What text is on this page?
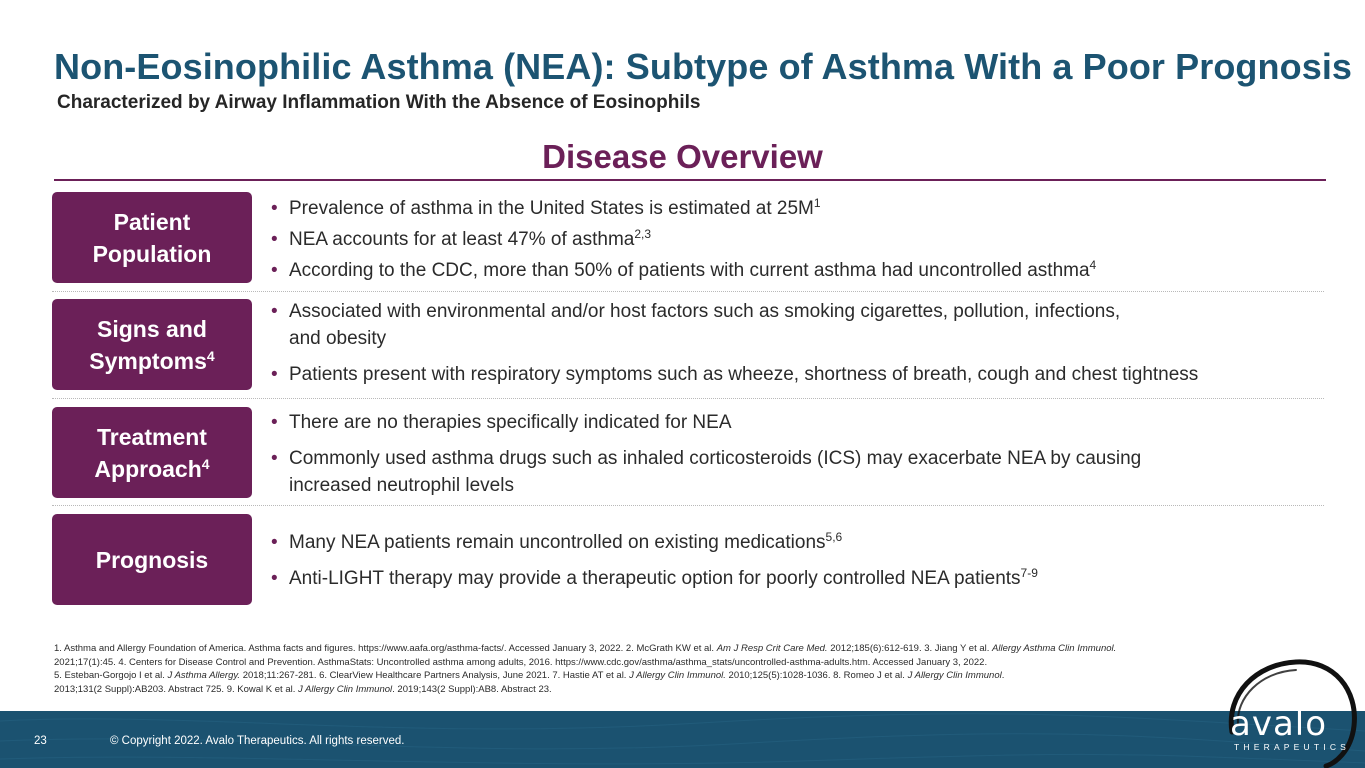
Non-Eosinophilic Asthma (NEA): Subtype of Asthma With a Poor Prognosis
Characterized by Airway Inflammation With the Absence of Eosinophils
Disease Overview
Patient
Population
• Prevalence of asthma in the United States is estimated at $25M^1$
• NEA accounts for at least 47% of asthma$^{2,3}$
• According to the CDC, more than 50% of patients with current asthma had uncontrolled asthma$^4$
Signs and
Symptoms$^4$
• Associated with environmental and/or host factors such as smoking cigarettes, pollution, infections,
and obesity
• Patients present with respiratory symptoms such as wheeze, shortness of breath, cough and chest tightness
Treatment
Approach$^4$
• There are no therapies specifically indicated for NEA
• Commonly used asthma drugs such as inhaled corticosteroids (ICS) may exacerbate NEA by causing
increased neutrophil levels
Prognosis
• Many NEA patients remain uncontrolled on existing medications$^{5,6}$
• Anti-LIGHT therapy may provide a therapeutic option for poorly controlled NEA patients$^{7-9}$
1. Asthma and Allergy Foundation of America. Asthma facts and figures. https://www.aafa.org/asthma-facts/. Accessed January 3, 2022. 2. McGrath KW et al. Am J Resp Crit Care Med. 2012;185(6):612-619. 3. Jiang Y et al. Allergy Asthma Clin Immunol.
2021;17(1):45. 4. Centers for Disease Control and Prevention. AsthmaStats: Uncontrolled asthma among adults, 2016. https://www.cdc.gov/asthma/asthma_stats/uncontrolled-asthma-adults.htm. Accessed January 3, 2022.
5. Esteban-Gorgojo I et al. J Asthma Allergy. 2018;11:267-281. 6. ClearView Healthcare Partners Analysis, June 2021. 7. Hastie AT et al. J Allergy Clin Immunol. 2010;125(5):1028-1036. 8. Romeo J et al. J Allergy Clin Immunol.
2013;131(2 Suppl):AB203. Abstract 725. 9. Kowal K et al. J Allergy Clin Immunol. 2019;143(2 Suppl):AB8. Abstract 23.
23	© Copyright 2022. Avalo Therapeutics. All rights reserved.	avalo
THERAPEUTICS
